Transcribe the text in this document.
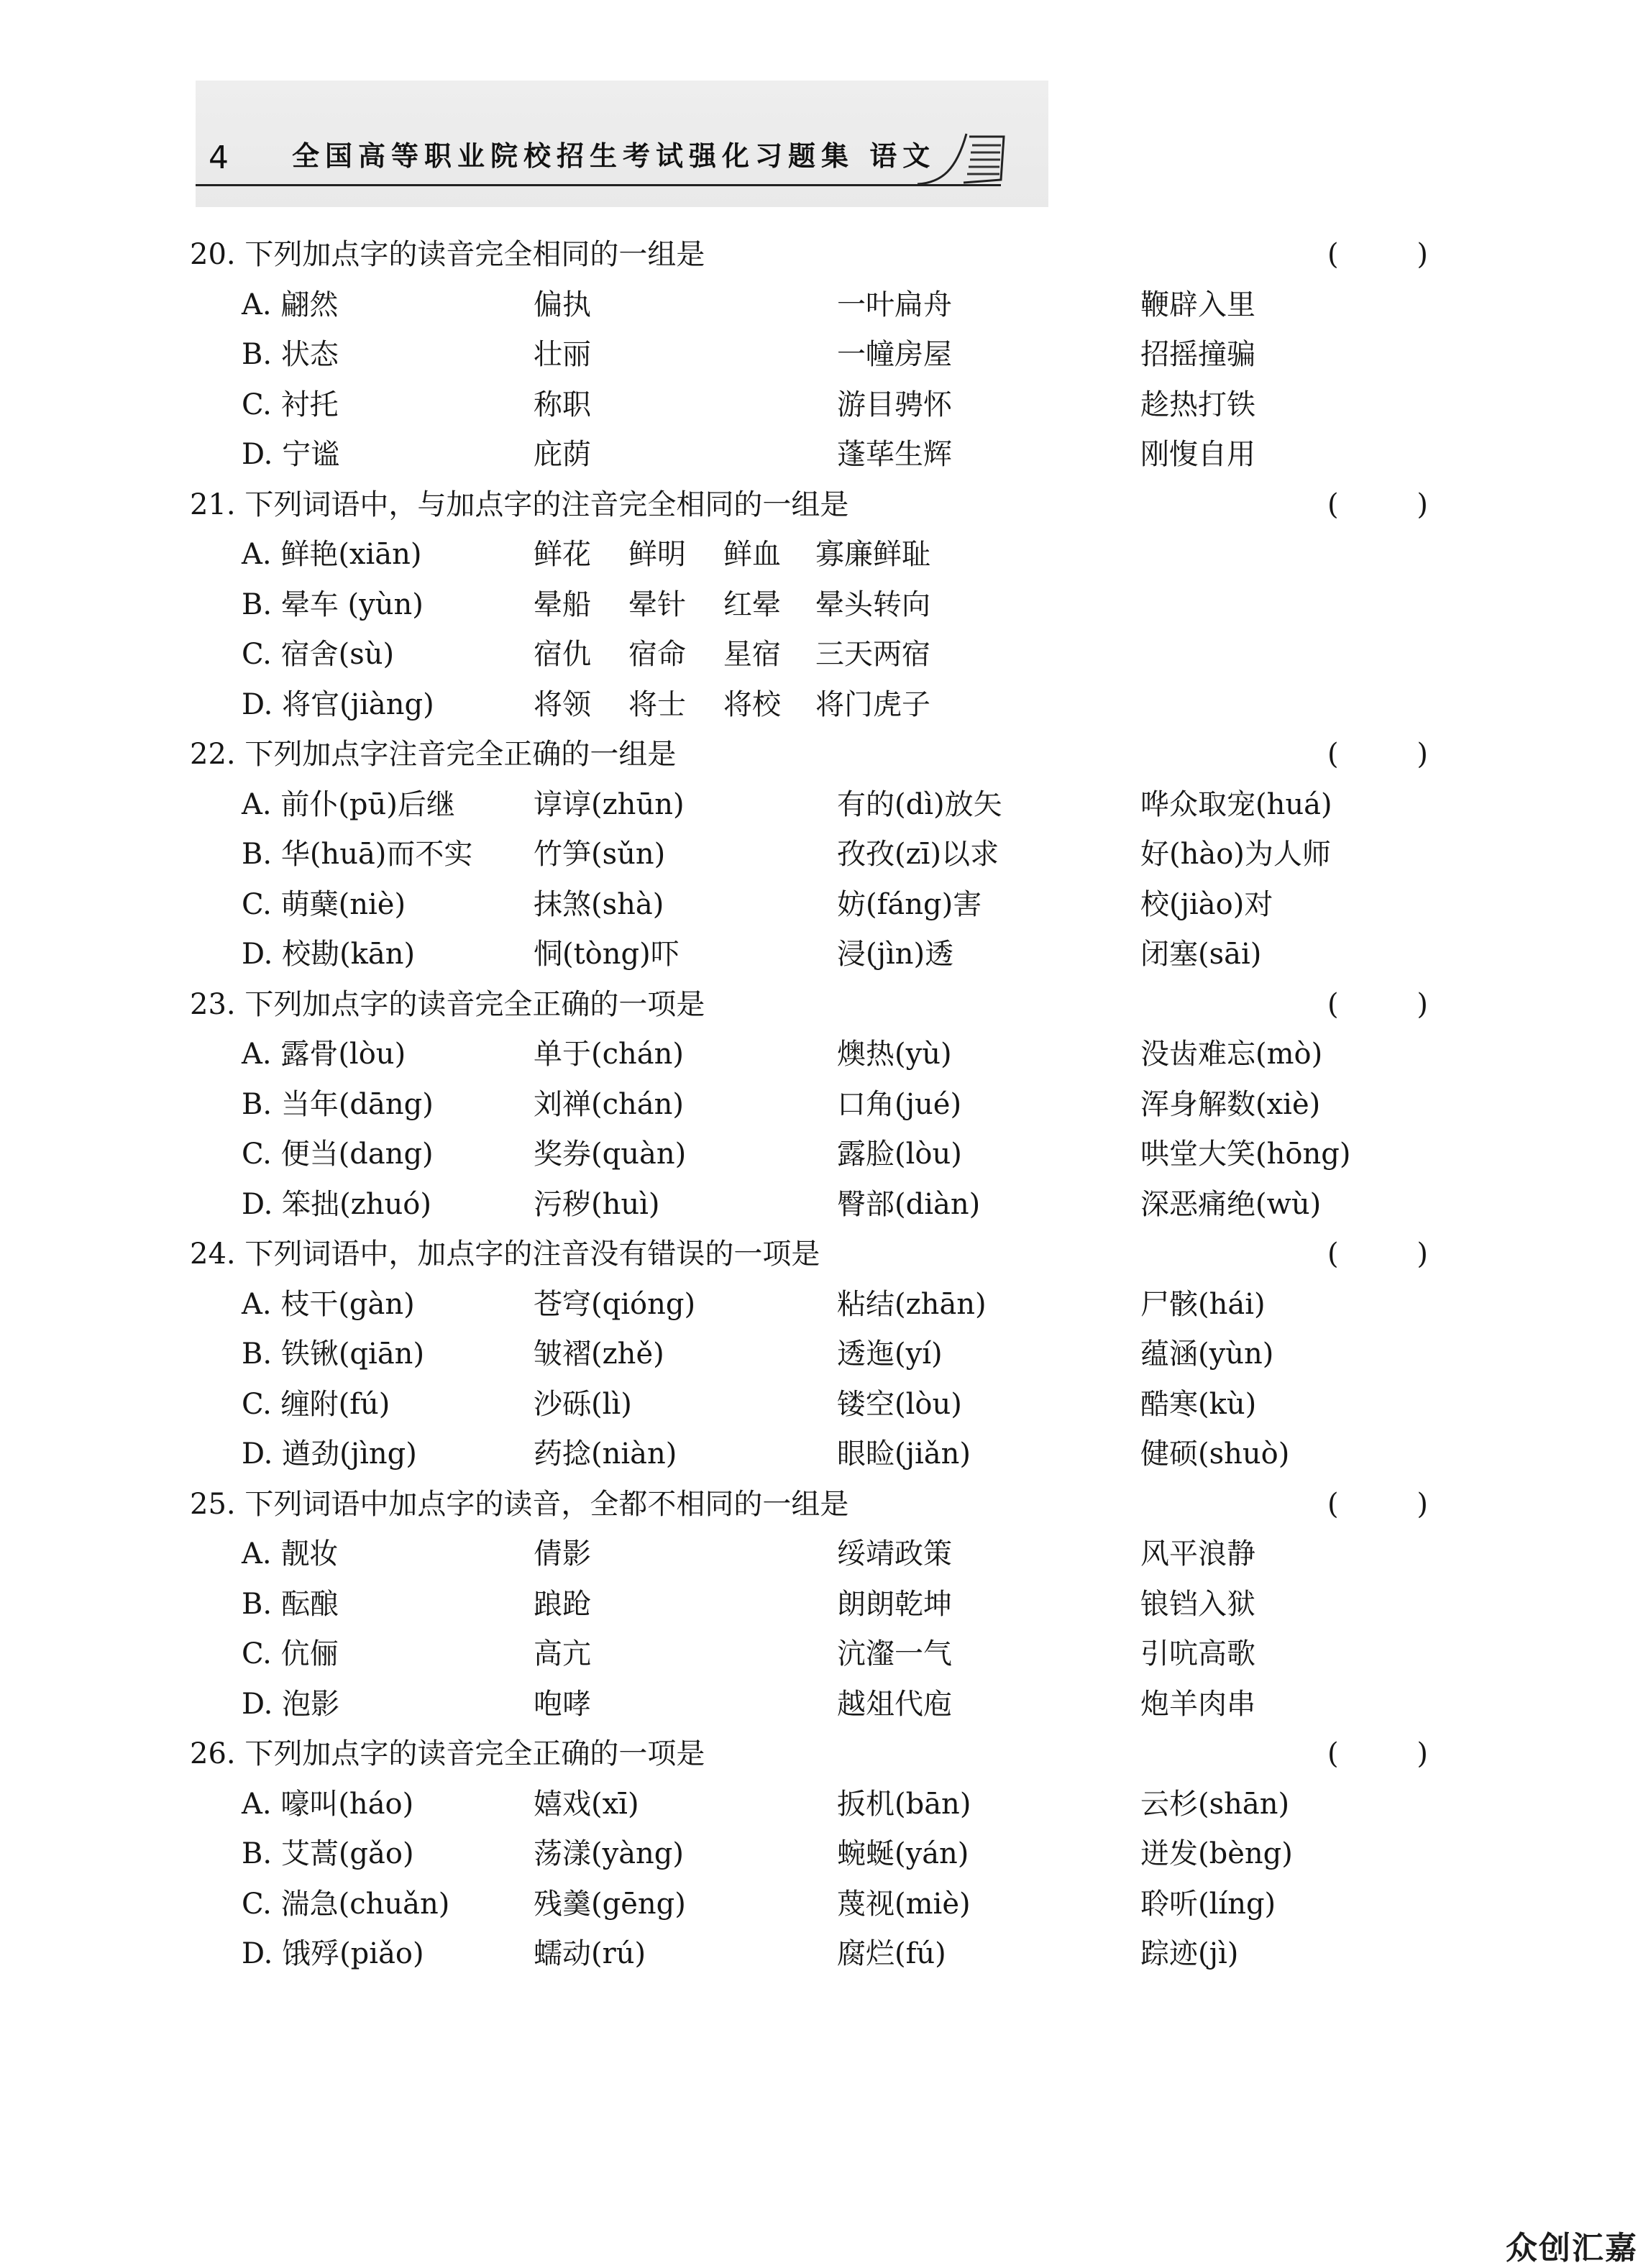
4 全国高等职业院校招生考试强化习题集 语文
20. 下列加点字的读音完全相同的一组是	(	)
A. 翩然	偏执	一叶扁舟	鞭辟入里
B. 状态	壮丽	一幢房屋	招摇撞骗
C. 衬托	称职	游目骋怀	趁热打铁
D. 宁谧	庇荫	蓬荜生辉	刚愎自用
21. 下列词语中，与加点字的注音完全相同的一组是	(	)
A. 鲜艳(xiān)	鲜花 鲜明 鲜血 寡廉鲜耻
B. 晕车 (yùn)	晕船 晕针 红晕 晕头转向
C. 宿舍(sù)	宿仇 宿命 星宿 三天两宿
D. 将官(jiàng)	将领 将士 将校 将门虎子
22. 下列加点字注音完全正确的一组是	(	)
A. 前仆(pū)后继	谆谆(zhūn)	有的(dì)放矢	哗众取宠(huá)
B. 华(huā)而不实 竹笋(sǔn)	孜孜(zī)以求	好(hào)为人师
C. 萌蘖(niè)	抹煞(shà)	妨(fáng)害	校(jiào)对
D. 校勘(kān)	恫(tòng)吓	浸(jìn)透	闭塞(sāi)
23. 下列加点字的读音完全正确的一项是	(	)
A. 露骨(lòu)	单于(chán)	燠热(yù)	没齿难忘(mò)
B. 当年(dāng)	刘禅(chán)	口角(jué)	浑身解数(xiè)
C. 便当(dang)	奖券(quàn)	露脸(lòu)	哄堂大笑(hōng)
D. 笨拙(zhuó)	污秽(huì)	臀部(diàn)	深恶痛绝(wù)
24. 下列词语中，加点字的注音没有错误的一项是	(	)
A. 枝干(gàn)	苍穹(qióng)	粘结(zhān)	尸骸(hái)
B. 铁锹(qiān)	皱褶(zhě)	透迤(yí)	蕴涵(yùn)
C. 缠附(fú)	沙砾(lì)	镂空(lòu)	酷寒(kù)
D. 遒劲(jìng)	药捻(niàn)	眼睑(jiǎn)	健硕(shuò)
25. 下列词语中加点字的读音，全都不相同的一组是	(	)
A. 靓妆	倩影	绥靖政策	风平浪静
B. 酝酿	踉跄	朗朗乾坤	锒铛入狱
C. 伉俪	高亢	沆瀣一气	引吭高歌
D. 泡影	咆哮	越俎代庖	炮羊肉串
26. 下列加点字的读音完全正确的一项是	(	)
A. 嚎叫(háo)	嬉戏(xī)	扳机(bān)	云杉(shān)
B. 艾蒿(gǎo)	荡漾(yàng)	蜿蜒(yán)	迸发(bèng)
C. 湍急(chuǎn)	残羹(gēng)	蔑视(miè)	聆听(líng)
D. 饿殍(piǎo)	蠕动(rú)	腐烂(fú)	踪迹(jì)
众创汇嘉
